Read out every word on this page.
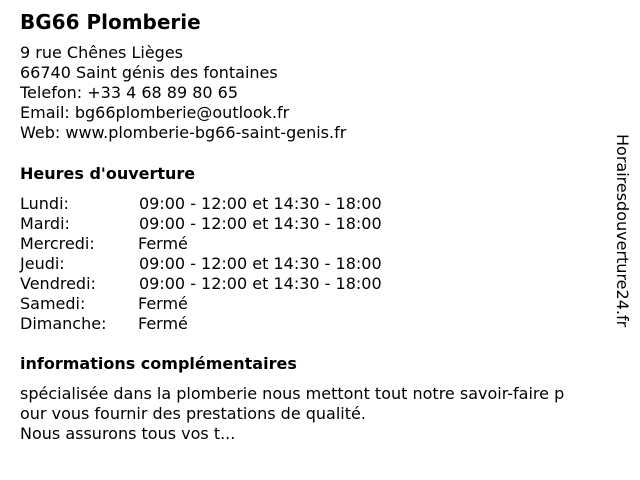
BG66 Plomberie
9 rue Chênes Lièges
66740 Saint génis des fontaines
Telefon: +33 4 68 89 80 65
Email: bg66plomberie@outlook.fr
Web: www.plomberie-bg66-saint-genis.fr
Heures d'ouverture
Lundi:	09:00 - 12:00 et 14:30 - 18:00
Mardi:	09:00 - 12:00 et 14:30 - 18:00
Mercredi:	Fermé
Jeudi:	09:00 - 12:00 et 14:30 - 18:00
Vendredi:	09:00 - 12:00 et 14:30 - 18:00
Samedi:	Fermé
Dimanche: Fermé
informations complémentaires
spécialisée dans la plomberie nous mettont tout notre savoir-faire p
our vous fournir des prestations de qualité.
Nous assurons tous vos t...
Horairesdouverture24.fr
